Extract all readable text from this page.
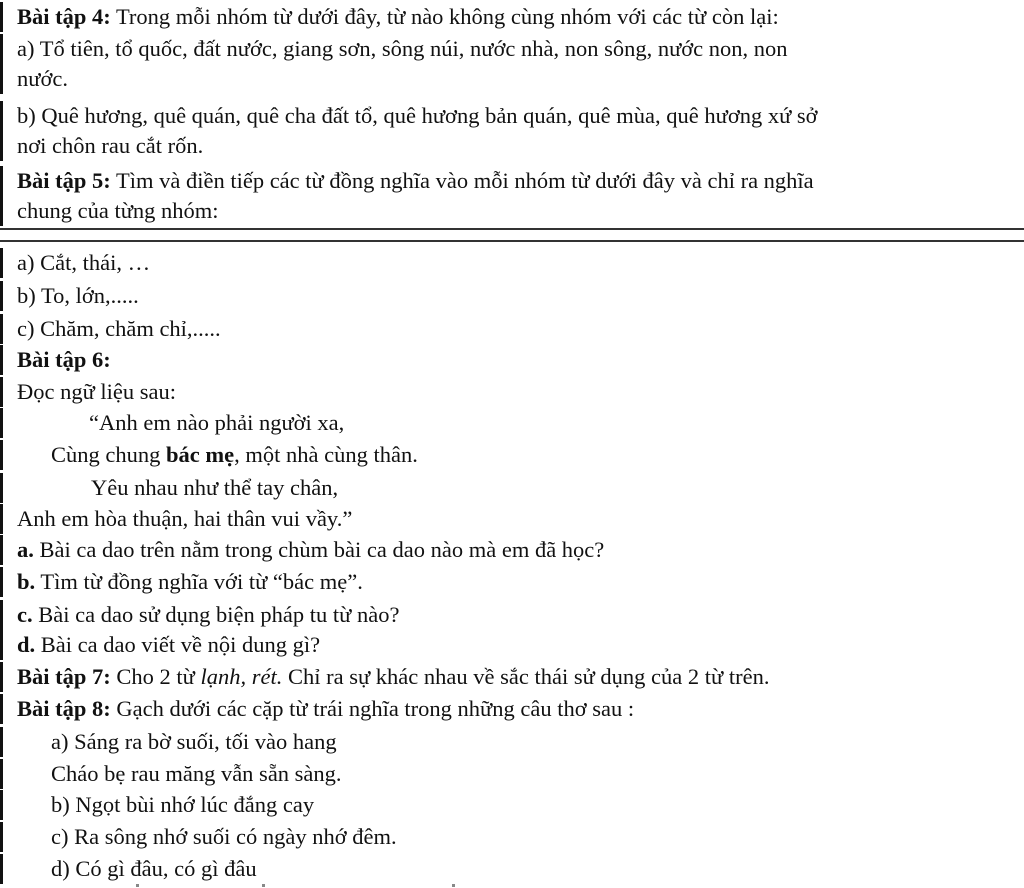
Bài tập 4: Trong mỗi nhóm từ dưới đây, từ nào không cùng nhóm với các từ còn lại:
a) Tổ tiên, tổ quốc, đất nước, giang sơn, sông núi, nước nhà, non sông, nước non, non
nước.
b) Quê hương, quê quán, quê cha đất tổ, quê hương bản quán, quê mùa, quê hương xứ sở
nơi chôn rau cắt rốn.
Bài tập 5: Tìm và điền tiếp các từ đồng nghĩa vào mỗi nhóm từ dưới đây và chỉ ra nghĩa
chung của từng nhóm:
a) Cắt, thái, …
b) To, lớn,.....
c) Chăm, chăm chỉ,.....
Bài tập 6:
Đọc ngữ liệu sau:
“Anh em nào phải người xa,
Cùng chung bác mẹ, một nhà cùng thân.
Yêu nhau như thể tay chân,
Anh em hòa thuận, hai thân vui vầy.”
a. Bài ca dao trên nằm trong chùm bài ca dao nào mà em đã học?
b. Tìm từ đồng nghĩa với từ “bác mẹ”.
c. Bài ca dao sử dụng biện pháp tu từ nào?
d. Bài ca dao viết về nội dung gì?
Bài tập 7: Cho 2 từ lạnh, rét. Chỉ ra sự khác nhau về sắc thái sử dụng của 2 từ trên.
Bài tập 8: Gạch dưới các cặp từ trái nghĩa trong những câu thơ sau :
a) Sáng ra bờ suối, tối vào hang
Cháo bẹ rau măng vẫn sẵn sàng.
b) Ngọt bùi nhớ lúc đắng cay
c) Ra sông nhớ suối có ngày nhớ đêm.
d) Có gì đâu, có gì đâu
